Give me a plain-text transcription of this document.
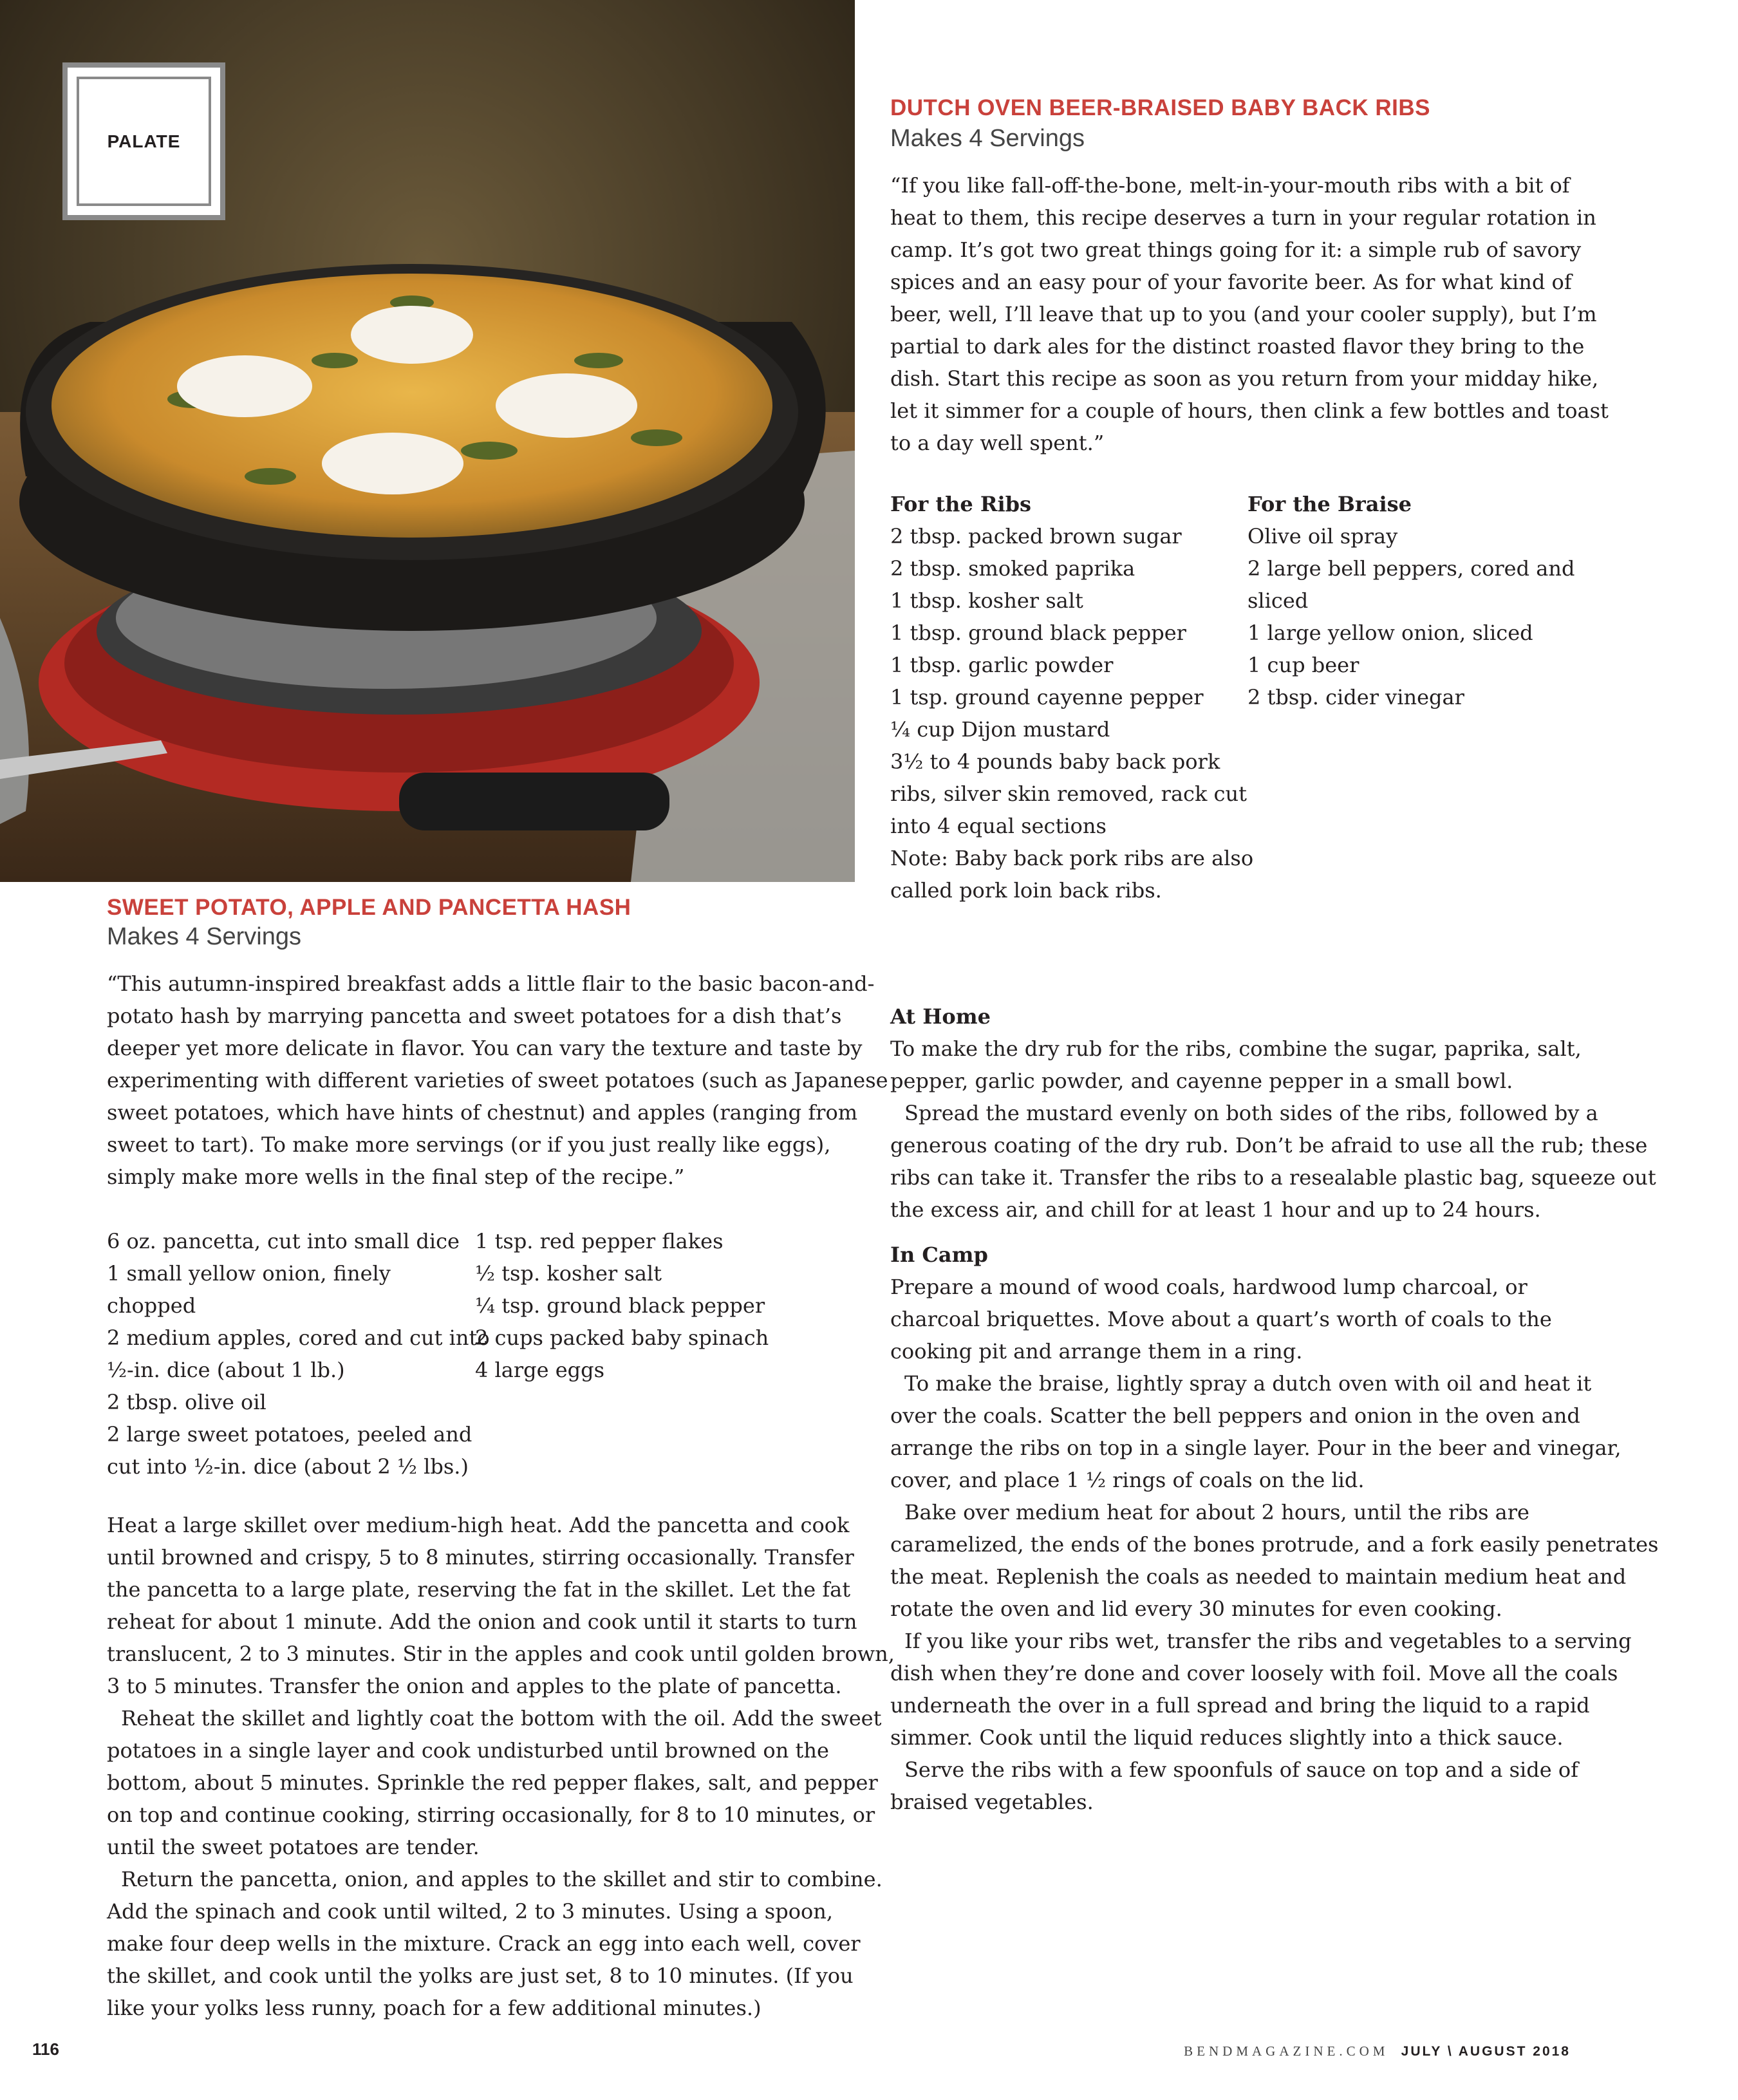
PALATE
DUTCH OVEN BEER-BRAISED BABY BACK RIBS
Makes 4 Servings
“If you like fall-off-the-bone, melt-in-your-mouth ribs with a bit of
heat to them, this recipe deserves a turn in your regular rotation in
camp. It’s got two great things going for it: a simple rub of savory
spices and an easy pour of your favorite beer. As for what kind of
beer, well, I’ll leave that up to you (and your cooler supply), but I’m
partial to dark ales for the distinct roasted flavor they bring to the
dish. Start this recipe as soon as you return from your midday hike,
let it simmer for a couple of hours, then clink a few bottles and toast
to a day well spent.”
For the Ribs
2 tbsp. packed brown sugar
2 tbsp. smoked paprika
1 tbsp. kosher salt
1 tbsp. ground black pepper
1 tbsp. garlic powder
1 tsp. ground cayenne pepper
¼ cup Dijon mustard
3½ to 4 pounds baby back pork
ribs, silver skin removed, rack cut
into 4 equal sections
Note: Baby back pork ribs are also
called pork loin back ribs.
For the Braise
Olive oil spray
2 large bell peppers, cored and
sliced
1 large yellow onion, sliced
1 cup beer
2 tbsp. cider vinegar
At Home
To make the dry rub for the ribs, combine the sugar, paprika, salt,
pepper, garlic powder, and cayenne pepper in a small bowl.
Spread the mustard evenly on both sides of the ribs, followed by a
generous coating of the dry rub. Don’t be afraid to use all the rub; these
ribs can take it. Transfer the ribs to a resealable plastic bag, squeeze out
the excess air, and chill for at least 1 hour and up to 24 hours.
In Camp
Prepare a mound of wood coals, hardwood lump charcoal, or
charcoal briquettes. Move about a quart’s worth of coals to the
cooking pit and arrange them in a ring.
To make the braise, lightly spray a dutch oven with oil and heat it
over the coals. Scatter the bell peppers and onion in the oven and
arrange the ribs on top in a single layer. Pour in the beer and vinegar,
cover, and place 1 ½ rings of coals on the lid.
Bake over medium heat for about 2 hours, until the ribs are
caramelized, the ends of the bones protrude, and a fork easily penetrates
the meat. Replenish the coals as needed to maintain medium heat and
rotate the oven and lid every 30 minutes for even cooking.
If you like your ribs wet, transfer the ribs and vegetables to a serving
dish when they’re done and cover loosely with foil. Move all the coals
underneath the over in a full spread and bring the liquid to a rapid
simmer. Cook until the liquid reduces slightly into a thick sauce.
Serve the ribs with a few spoonfuls of sauce on top and a side of
braised vegetables.
SWEET POTATO, APPLE AND PANCETTA HASH
Makes 4 Servings
“This autumn-inspired breakfast adds a little flair to the basic bacon-and-
potato hash by marrying pancetta and sweet potatoes for a dish that’s
deeper yet more delicate in flavor. You can vary the texture and taste by
experimenting with different varieties of sweet potatoes (such as Japanese
sweet potatoes, which have hints of chestnut) and apples (ranging from
sweet to tart). To make more servings (or if you just really like eggs),
simply make more wells in the final step of the recipe.”
6 oz. pancetta, cut into small dice
1 small yellow onion, finely
chopped
2 medium apples, cored and cut into
½-in. dice (about 1 lb.)
2 tbsp. olive oil
2 large sweet potatoes, peeled and
cut into ½-in. dice (about 2 ½ lbs.)
1 tsp. red pepper flakes
½ tsp. kosher salt
¼ tsp. ground black pepper
2 cups packed baby spinach
4 large eggs
Heat a large skillet over medium-high heat. Add the pancetta and cook
until browned and crispy, 5 to 8 minutes, stirring occasionally. Transfer
the pancetta to a large plate, reserving the fat in the skillet. Let the fat
reheat for about 1 minute. Add the onion and cook until it starts to turn
translucent, 2 to 3 minutes. Stir in the apples and cook until golden brown,
3 to 5 minutes. Transfer the onion and apples to the plate of pancetta.
Reheat the skillet and lightly coat the bottom with the oil. Add the sweet
potatoes in a single layer and cook undisturbed until browned on the
bottom, about 5 minutes. Sprinkle the red pepper flakes, salt, and pepper
on top and continue cooking, stirring occasionally, for 8 to 10 minutes, or
until the sweet potatoes are tender.
Return the pancetta, onion, and apples to the skillet and stir to combine.
Add the spinach and cook until wilted, 2 to 3 minutes. Using a spoon,
make four deep wells in the mixture. Crack an egg into each well, cover
the skillet, and cook until the yolks are just set, 8 to 10 minutes. (If you
like your yolks less runny, poach for a few additional minutes.)
116	BENDMAGAZINE.COM JULY \ AUGUST 2018
